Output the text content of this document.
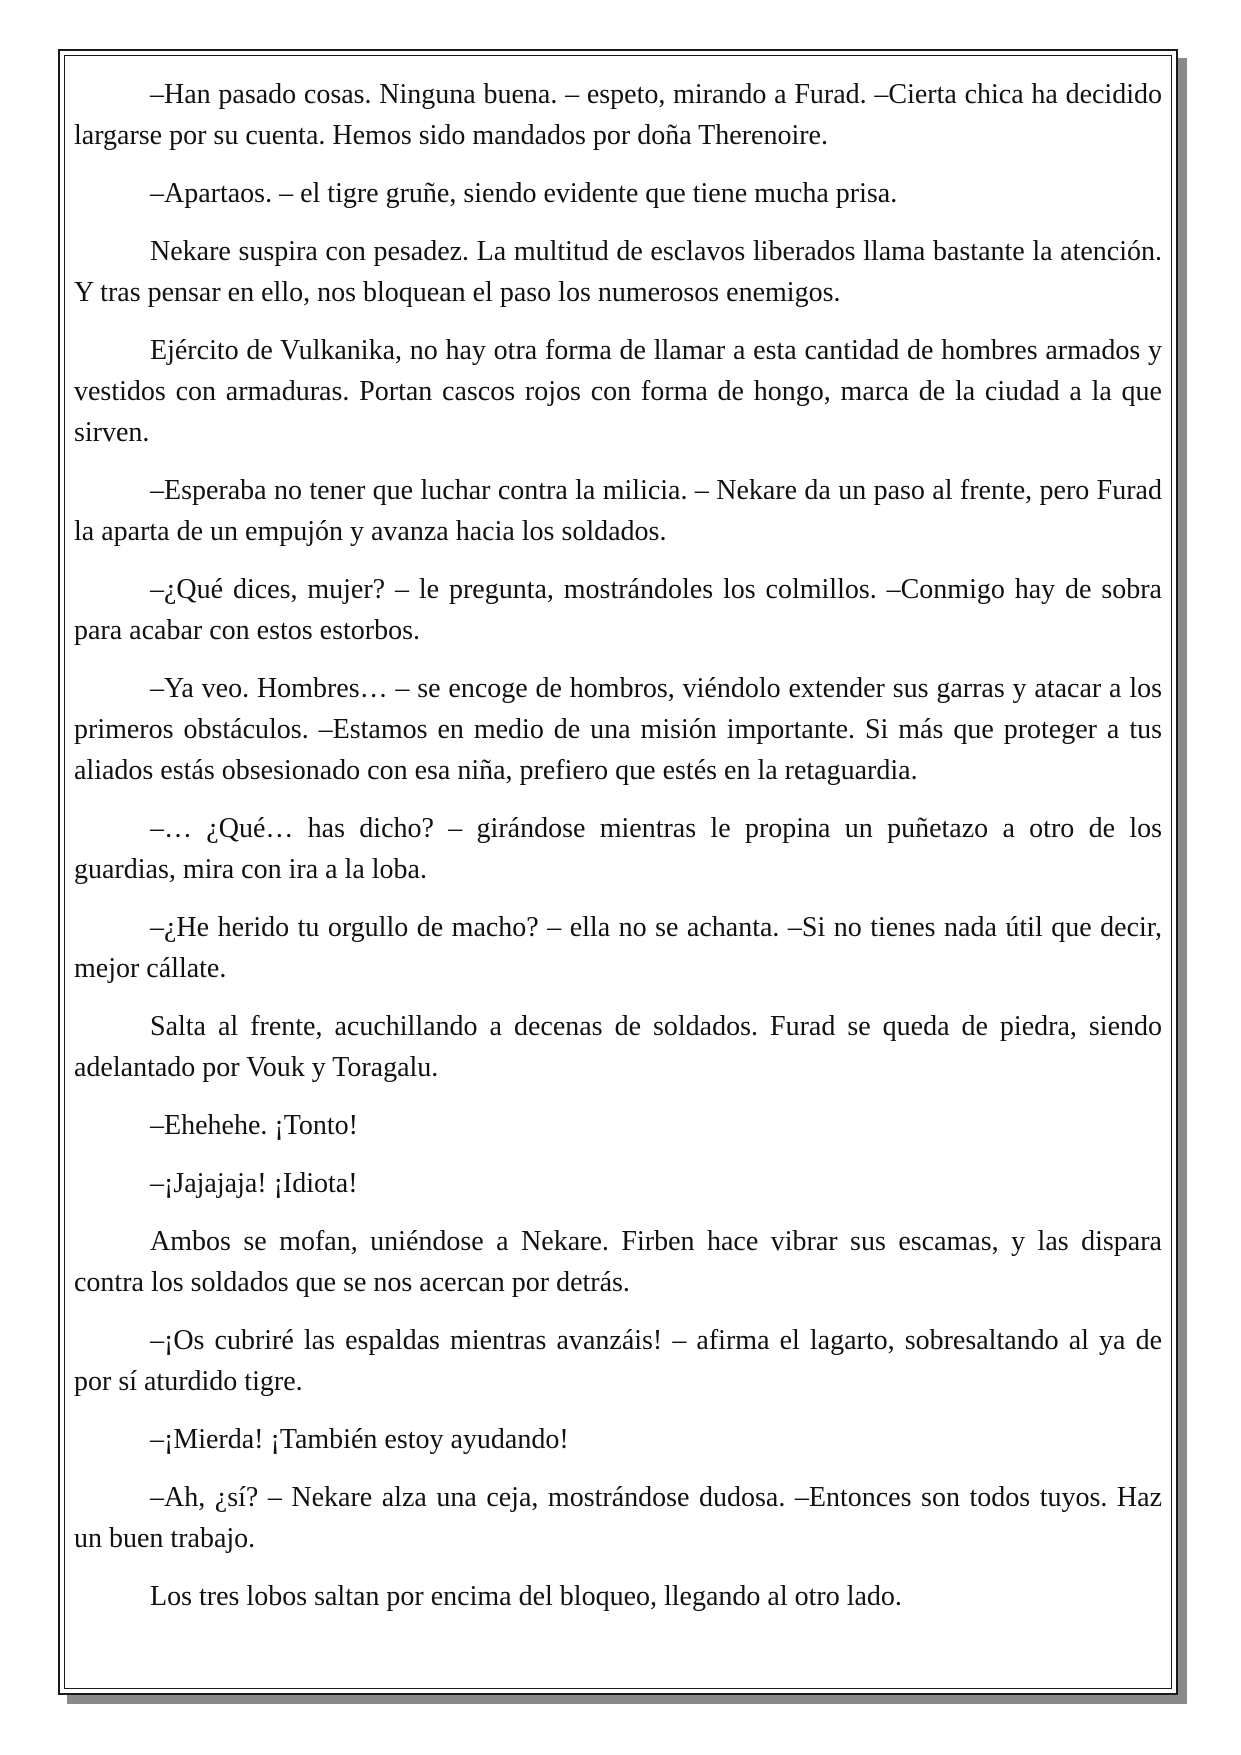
–Han pasado cosas. Ninguna buena. – espeto, mirando a Furad. –Cierta chica ha decidido largarse por su cuenta. Hemos sido mandados por doña Therenoire.

–Apartaos. – el tigre gruñe, siendo evidente que tiene mucha prisa.

Nekare suspira con pesadez. La multitud de esclavos liberados llama bastante la atención. Y tras pensar en ello, nos bloquean el paso los numerosos enemigos.

Ejército de Vulkanika, no hay otra forma de llamar a esta cantidad de hombres armados y vestidos con armaduras. Portan cascos rojos con forma de hongo, marca de la ciudad a la que sirven.

–Esperaba no tener que luchar contra la milicia. – Nekare da un paso al frente, pero Furad la aparta de un empujón y avanza hacia los soldados.

–¿Qué dices, mujer? – le pregunta, mostrándoles los colmillos. –Conmigo hay de sobra para acabar con estos estorbos.

–Ya veo. Hombres… – se encoge de hombros, viéndolo extender sus garras y atacar a los primeros obstáculos. –Estamos en medio de una misión importante. Si más que proteger a tus aliados estás obsesionado con esa niña, prefiero que estés en la retaguardia.

–… ¿Qué… has dicho? – girándose mientras le propina un puñetazo a otro de los guardias, mira con ira a la loba.

–¿He herido tu orgullo de macho? – ella no se achanta. –Si no tienes nada útil que decir, mejor cállate.

Salta al frente, acuchillando a decenas de soldados. Furad se queda de piedra, siendo adelantado por Vouk y Toragalu.

–Ehehehe. ¡Tonto!

–¡Jajajaja! ¡Idiota!

Ambos se mofan, uniéndose a Nekare. Firben hace vibrar sus escamas, y las dispara contra los soldados que se nos acercan por detrás.

–¡Os cubriré las espaldas mientras avanzáis! – afirma el lagarto, sobresaltando al ya de por sí aturdido tigre.

–¡Mierda! ¡También estoy ayudando!

–Ah, ¿sí? – Nekare alza una ceja, mostrándose dudosa. –Entonces son todos tuyos. Haz un buen trabajo.

Los tres lobos saltan por encima del bloqueo, llegando al otro lado.
